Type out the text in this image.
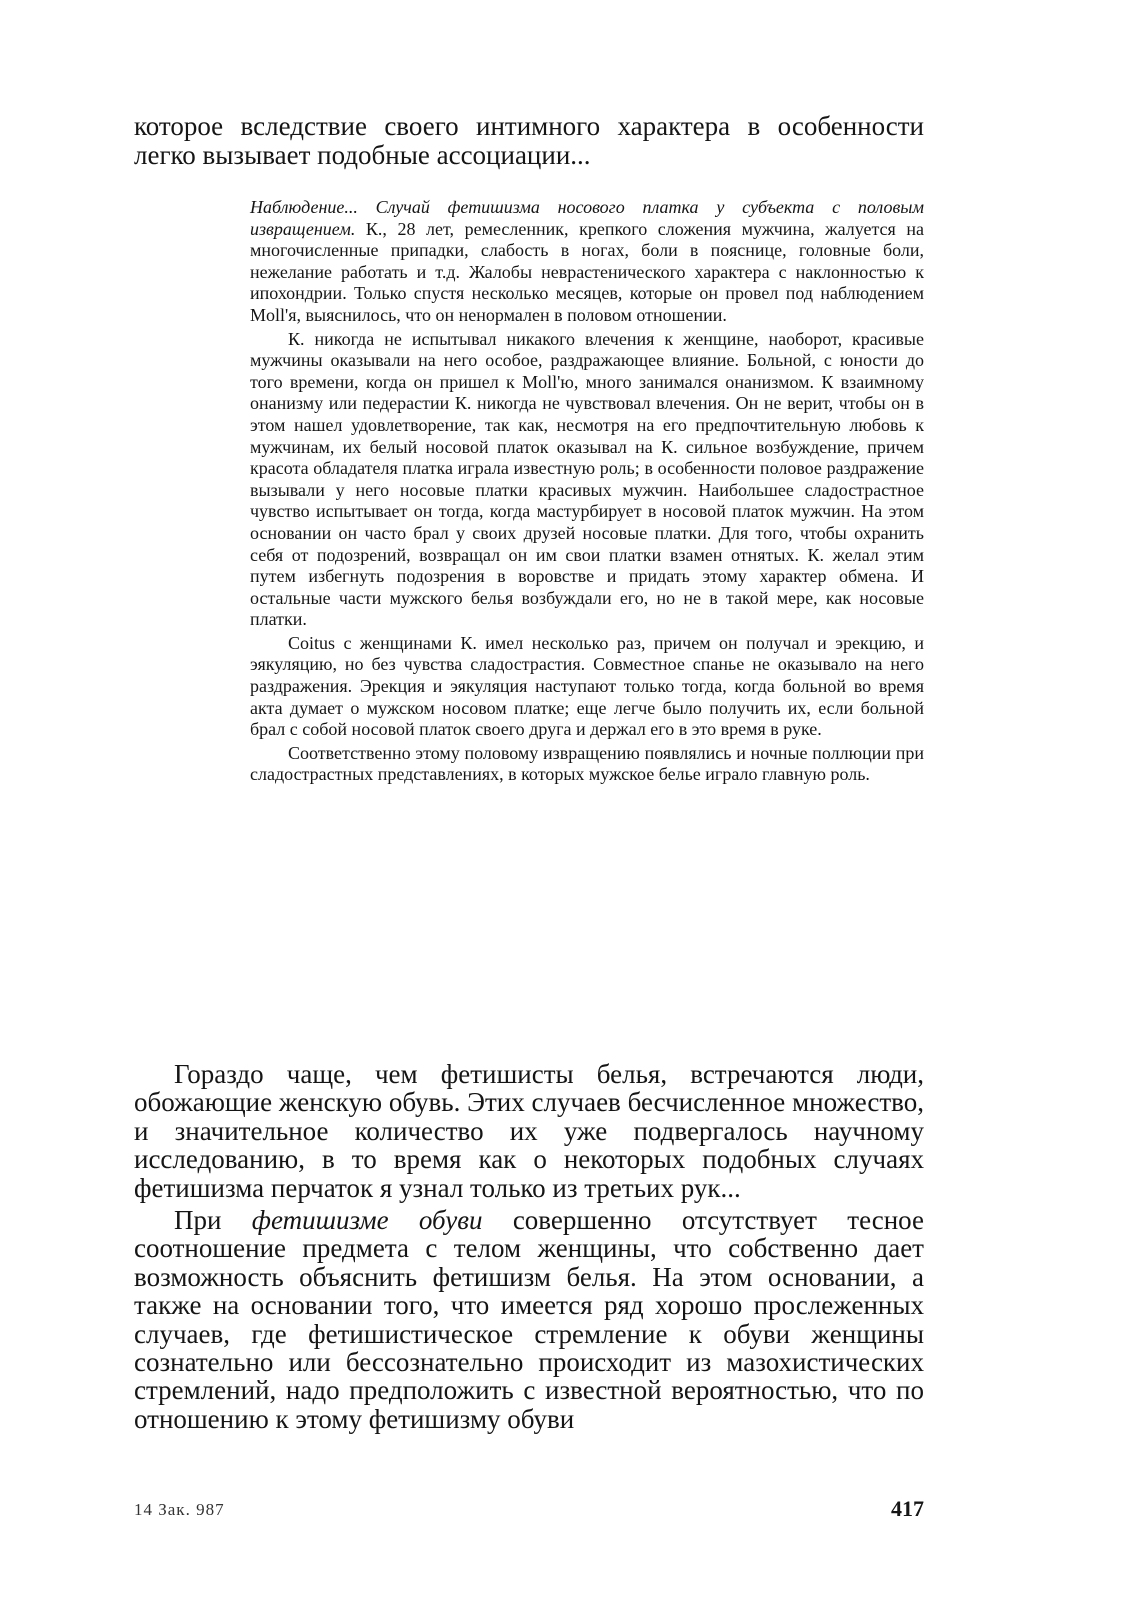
которое вследствие своего интимного характера в особенности легко вызывает подобные ассоциации...

Наблюдение... Случай фетишизма носового платка у субъекта с половым извращением. К., 28 лет, ремесленник, крепкого сложения мужчина, жалуется на многочисленные припадки, слабость в ногах, боли в пояснице, головные боли, нежелание работать и т.д. Жалобы неврастенического характера с наклонностью к ипохондрии. Только спустя несколько месяцев, которые он провел под наблюдением Moll'я, выяснилось, что он ненормален в половом отношении.

К. никогда не испытывал никакого влечения к женщине, наоборот, красивые мужчины оказывали на него особое, раздражающее влияние. Больной, с юности до того времени, когда он пришел к Moll'ю, много занимался онанизмом. К взаимному онанизму или педерастии К. никогда не чувствовал влечения. Он не верит, чтобы он в этом нашел удовлетворение, так как, несмотря на его предпочтительную любовь к мужчинам, их белый носовой платок оказывал на К. сильное возбуждение, причем красота обладателя платка играла известную роль; в особенности половое раздражение вызывали у него носовые платки красивых мужчин. Наибольшее сладострастное чувство испытывает он тогда, когда мастурбирует в носовой платок мужчин. На этом основании он часто брал у своих друзей носовые платки. Для того, чтобы охранить себя от подозрений, возвращал он им свои платки взамен отнятых. К. желал этим путем избегнуть подозрения в воровстве и придать этому характер обмена. И остальные части мужского белья возбуждали его, но не в такой мере, как носовые платки.

Coitus с женщинами К. имел несколько раз, причем он получал и эрекцию, и эякуляцию, но без чувства сладострастия. Совместное спанье не оказывало на него раздражения. Эрекция и эякуляция наступают только тогда, когда больной во время акта думает о мужском носовом платке; еще легче было получить их, если больной брал с собой носовой платок своего друга и держал его в это время в руке.

Соответственно этому половому извращению появлялись и ночные поллюции при сладострастных представлениях, в которых мужское белье играло главную роль.

Гораздо чаще, чем фетишисты белья, встречаются люди, обожающие женскую обувь. Этих случаев бесчисленное множество, и значительное количество их уже подвергалось научному исследованию, в то время как о некоторых подобных случаях фетишизма перчаток я узнал только из третьих рук...

При фетишизме обуви совершенно отсутствует тесное соотношение предмета с телом женщины, что собственно дает возможность объяснить фетишизм белья. На этом основании, а также на основании того, что имеется ряд хорошо прослеженных случаев, где фетишистическое стремление к обуви женщины сознательно или бессознательно происходит из мазохистических стремлений, надо предположить с известной вероятностью, что по отношению к этому фетишизму обуви

14 Зак. 987	417
